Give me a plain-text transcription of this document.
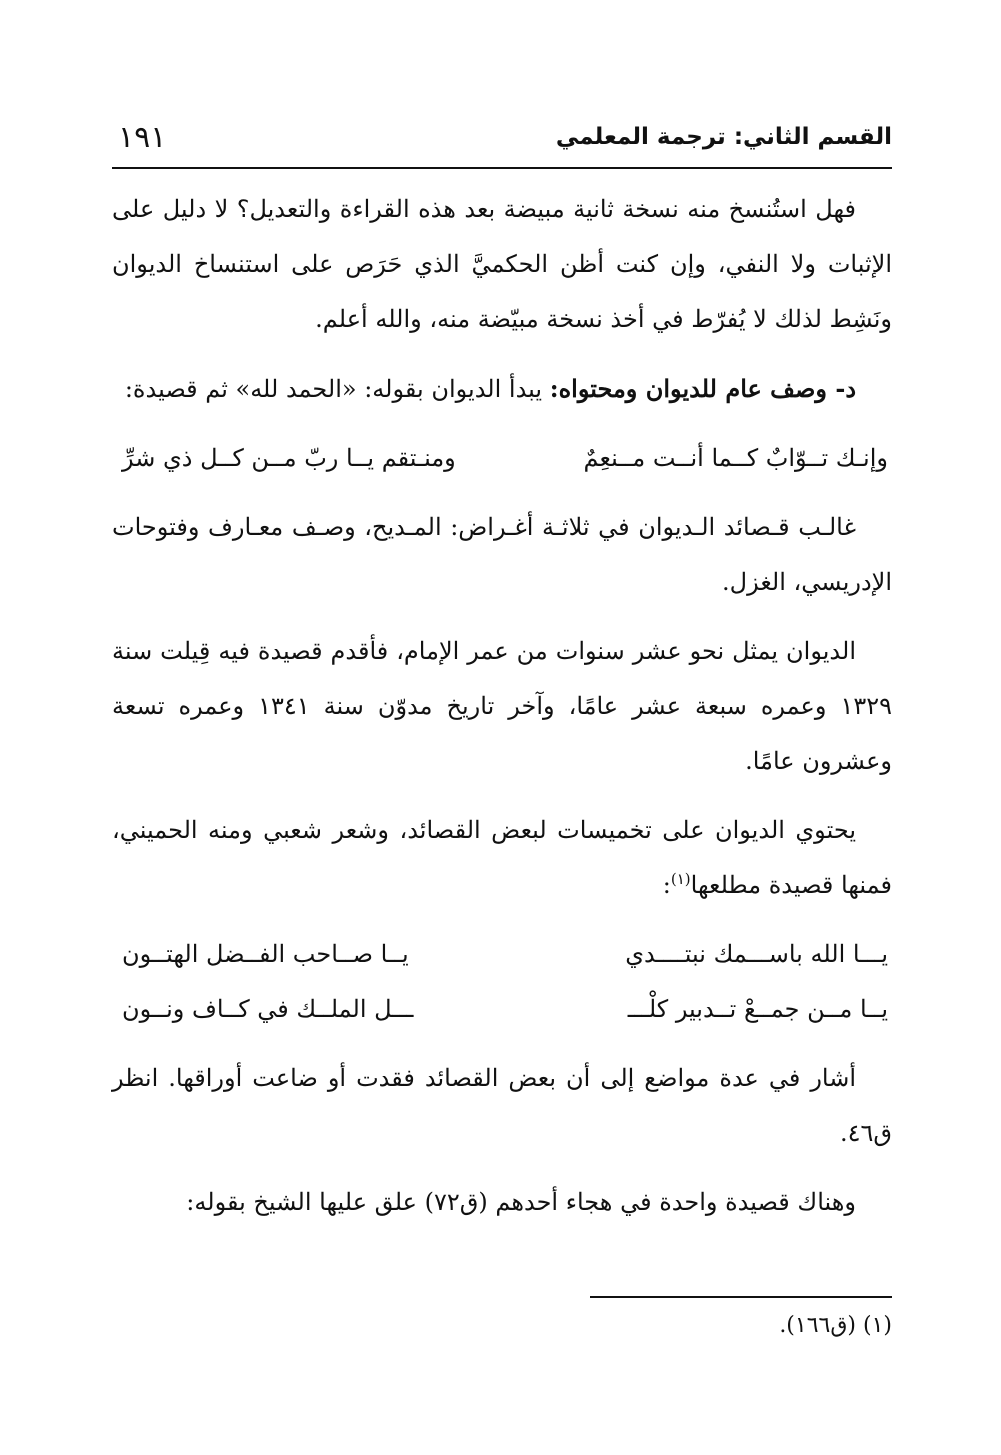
القسم الثاني: ترجمة المعلمي
١٩١

فهل استُنسخ منه نسخة ثانية مبيضة بعد هذه القراءة والتعديل؟ لا دليل على الإثبات ولا النفي، وإن كنت أظن الحكميَّ الذي حَرَص على استنساخ الديوان ونَشِط لذلك لا يُفرّط في أخذ نسخة مبيّضة منه، والله أعلم.

د- وصف عام للديوان ومحتواه: يبدأ الديوان بقوله: «الحمد لله» ثم قصيدة:

وإنـك تــوّابٌ كــما أنــت مــنعِمٌ
ومنـتقم يــا ربّ مــن كــل ذي شرِّ

غالـب قـصائد الـديوان في ثلاثـة أغـراض: المـديح، وصـف معـارف وفتوحات الإدريسي، الغزل.

الديوان يمثل نحو عشر سنوات من عمر الإمام، فأقدم قصيدة فيه قِيلت سنة ١٣٢٩ وعمره سبعة عشر عامًا، وآخر تاريخ مدوّن سنة ١٣٤١ وعمره تسعة وعشرون عامًا.

يحتوي الديوان على تخميسات لبعض القصائد، وشعر شعبي ومنه الحميني، فمنها قصيدة مطلعها$^{(١)}$:

يـــا الله باســـمك نبتــــدي
يــا صــاحب الفــضل الهتــون
يــا مــن جمــعْ تــدبير كلْـــ
ـــل الملــك في كــاف ونــون

أشار في عدة مواضع إلى أن بعض القصائد فقدت أو ضاعت أوراقها. انظر ق٤٦.

وهناك قصيدة واحدة في هجاء أحدهم (ق٧٢) علق عليها الشيخ بقوله:

(١) (ق١٦٦).
